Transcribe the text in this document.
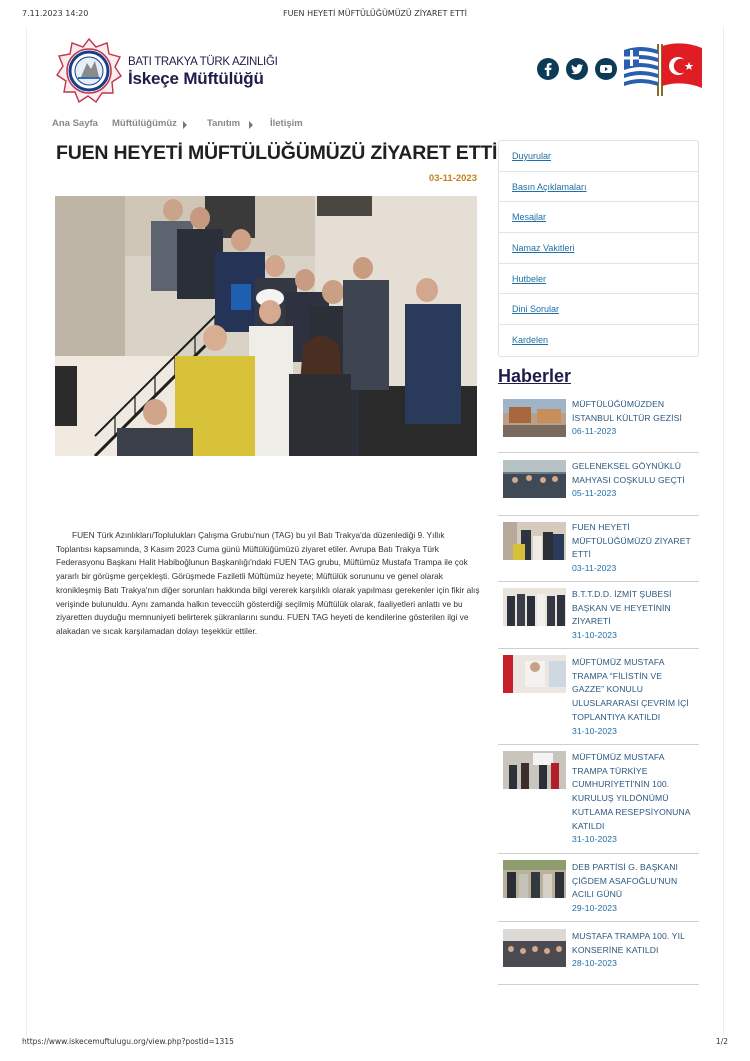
7.11.2023 14:20	FUEN HEYETİ MÜFTÜLÜĞÜMÜZÜ ZİYARET ETTİ
BATI TRAKYA TÜRK AZINLIĞI
İskeçe Müftülüğü
Ana Sayfa Müftülüğümüz	Tanıtım	İletişim
FUEN HEYETİ MÜFTÜLÜĞÜMÜZÜ ZİYARET ETTİ
03-11-2023

FUEN Türk Azınlıkları/Toplulukları Çalışma Grubu'nun (TAG) bu yıl Batı Trakya'da düzenlediği 9. Yıllık Toplantısı kapsamında, 3 Kasım 2023 Cuma günü Müftülüğümüzü ziyaret etiler. Avrupa Batı Trakya Türk Federasyonu Başkanı Halit Habiboğlunun Başkanlığı'ndaki FUEN TAG grubu, Müftümüz Mustafa Trampa ile çok yararlı bir görüşme gerçekleşti. Görüşmede Faziletli Müftümüz heyete; Müftülük sorununu ve genel olarak kronikleşmiş Batı Trakya'nın diğer sorunları hakkında bilgi vererek karşılıklı olarak yapılması gerekenler için fikir alış verişinde bulunuldu. Aynı zamanda halkın teveccüh gösterdiği seçilmiş Müftülük olarak, faaliyetleri anlattı ve bu ziyaretten duyduğu memnuniyeti belirterek şükranlarını sundu. FUEN TAG heyeti de kendilerine gösterilen ilgi ve alakadan ve sıcak karşılamadan dolayı teşekkür ettiler.

Duyurular
Basın Açıklamaları
Mesajlar
Namaz Vakitleri
Hutbeler
Dini Sorular
Kardelen
Haberler
MÜFTÜLÜĞÜMÜZDEN
İSTANBUL KÜLTÜR GEZİSİ
06-11-2023
GELENEKSEL GÖYNÜKLÜ
MAHYASI COŞKULU GEÇTİ
05-11-2023
FUEN HEYETİ
MÜFTÜLÜĞÜMÜZÜ ZİYARET
ETTİ
03-11-2023
B.T.T.D.D. İZMİT ŞUBESİ
BAŞKAN VE HEYETİNİN
ZİYARETİ
31-10-2023
MÜFTÜMÜZ MUSTAFA
TRAMPA “FİLİSTİN VE
GAZZE” KONULU
ULUSLARARASI ÇEVRİM İÇİ
TOPLANTIYA KATILDI
31-10-2023
MÜFTÜMÜZ MUSTAFA
TRAMPA TÜRKİYE
CUMHURİYETİ'NİN 100.
KURULUŞ YILDÖNÜMÜ
KUTLAMA RESEPSİYONUNA
KATILDI
31-10-2023
DEB PARTİSİ G. BAŞKANI
ÇİĞDEM ASAFOĞLU'NUN
ACILI GÜNÜ
29-10-2023
MUSTAFA TRAMPA 100. YIL
KONSERİNE KATILDI
28-10-2023
https://www.iskecemuftulugu.org/view.php?postid=1315	1/2
